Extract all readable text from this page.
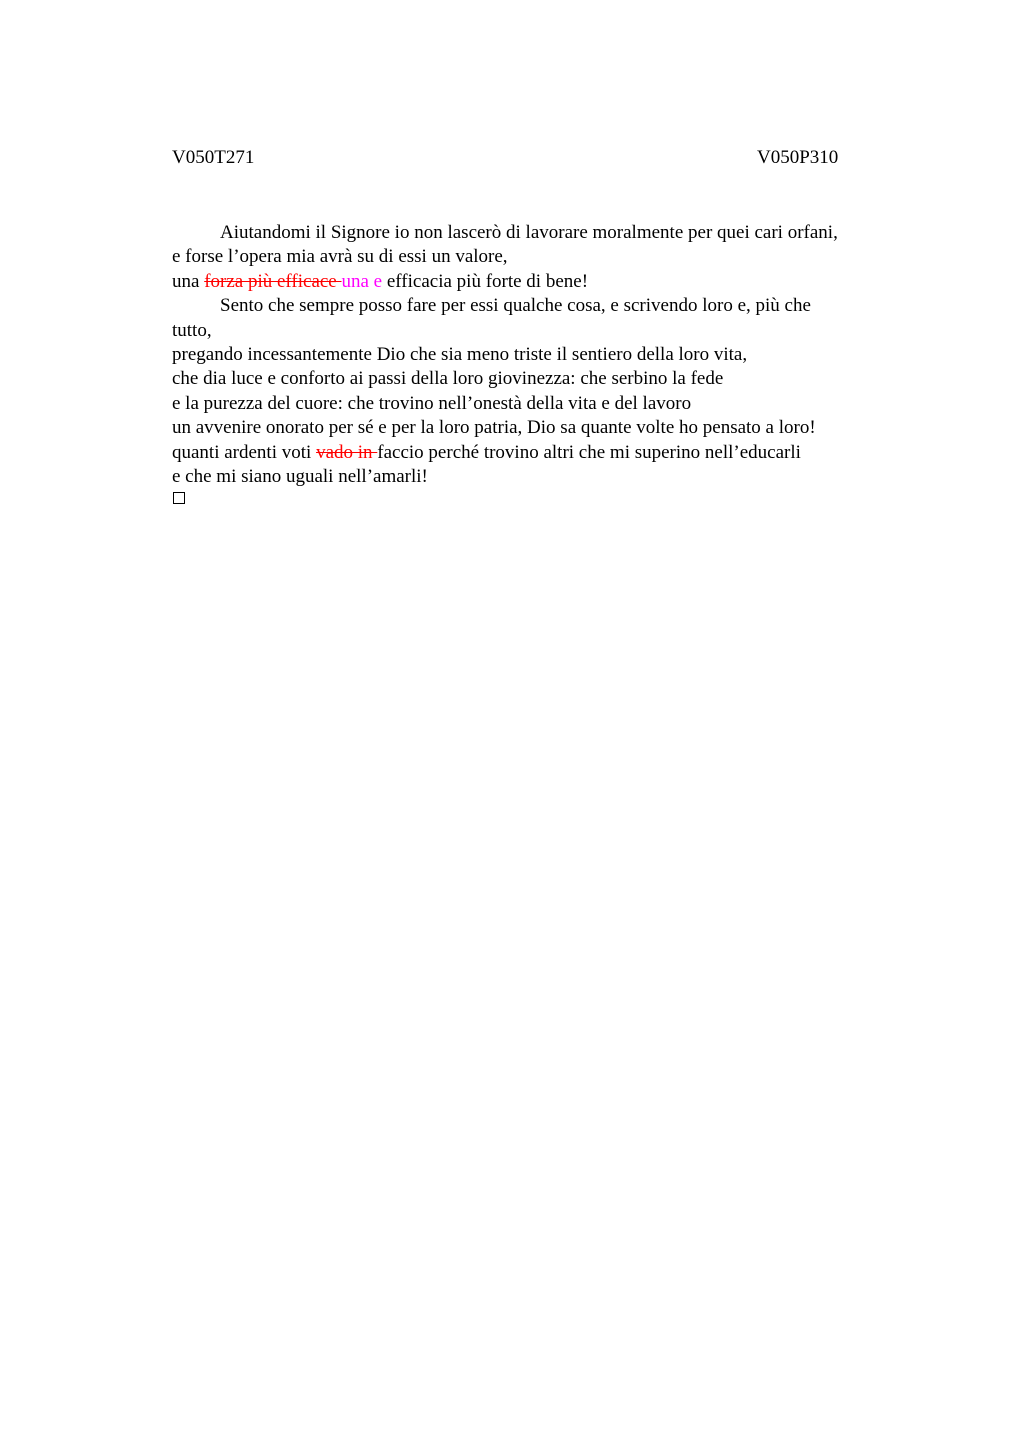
V050T271	V050P310
Aiutandomi il Signore io non lascerò di lavorare moralmente per quei cari orfani,
e forse l’opera mia avrà su di essi un valore,
una forza più efficace una e efficacia più forte di bene!
Sento che sempre posso fare per essi qualche cosa, e scrivendo loro e, più che
tutto,
pregando incessantemente Dio che sia meno triste il sentiero della loro vita,
che dia luce e conforto ai passi della loro giovinezza: che serbino la fede
e la purezza del cuore: che trovino nell’onestà della vita e del lavoro
un avvenire onorato per sé e per la loro patria, Dio sa quante volte ho pensato a loro!
quanti ardenti voti vado in faccio perché trovino altri che mi superino nell’educarli
e che mi siano uguali nell’amarli!
